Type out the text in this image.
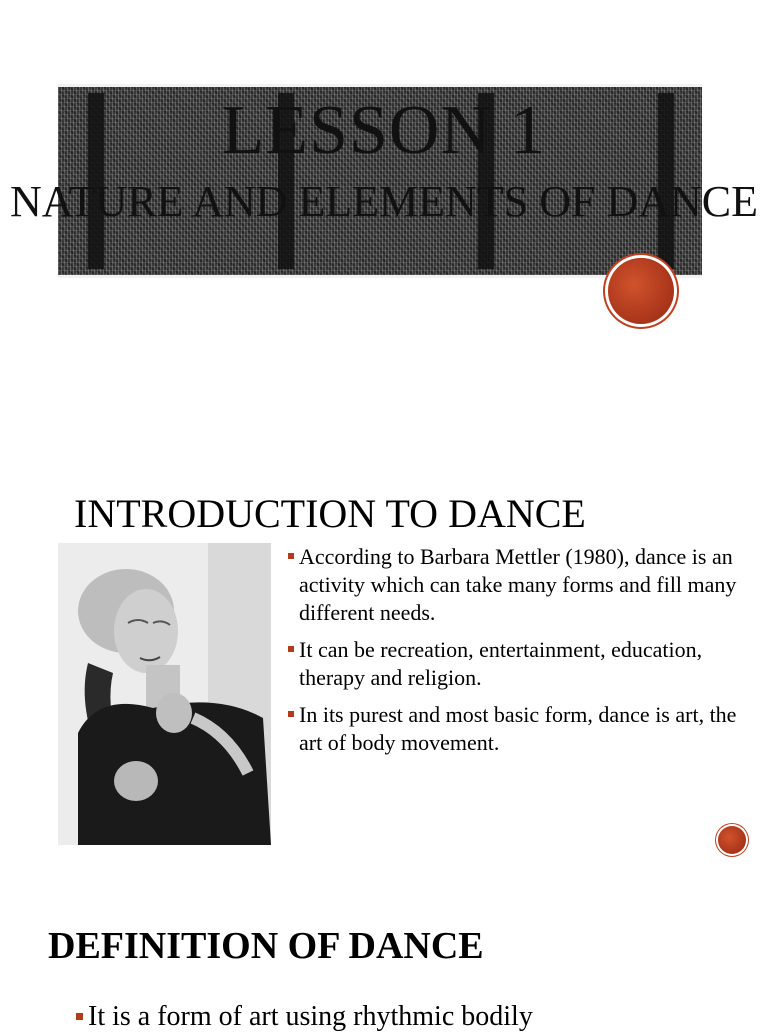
LESSON 1
NATURE AND ELEMENTS OF DANCE
INTRODUCTION TO DANCE
According to Barbara Mettler (1980), dance is an activity which can take many forms and fill many different needs.
It can be recreation, entertainment, education, therapy and religion.
In its purest and most basic form, dance is art, the art of body movement.
DEFINITION OF DANCE
It is a form of art using rhythmic bodily
